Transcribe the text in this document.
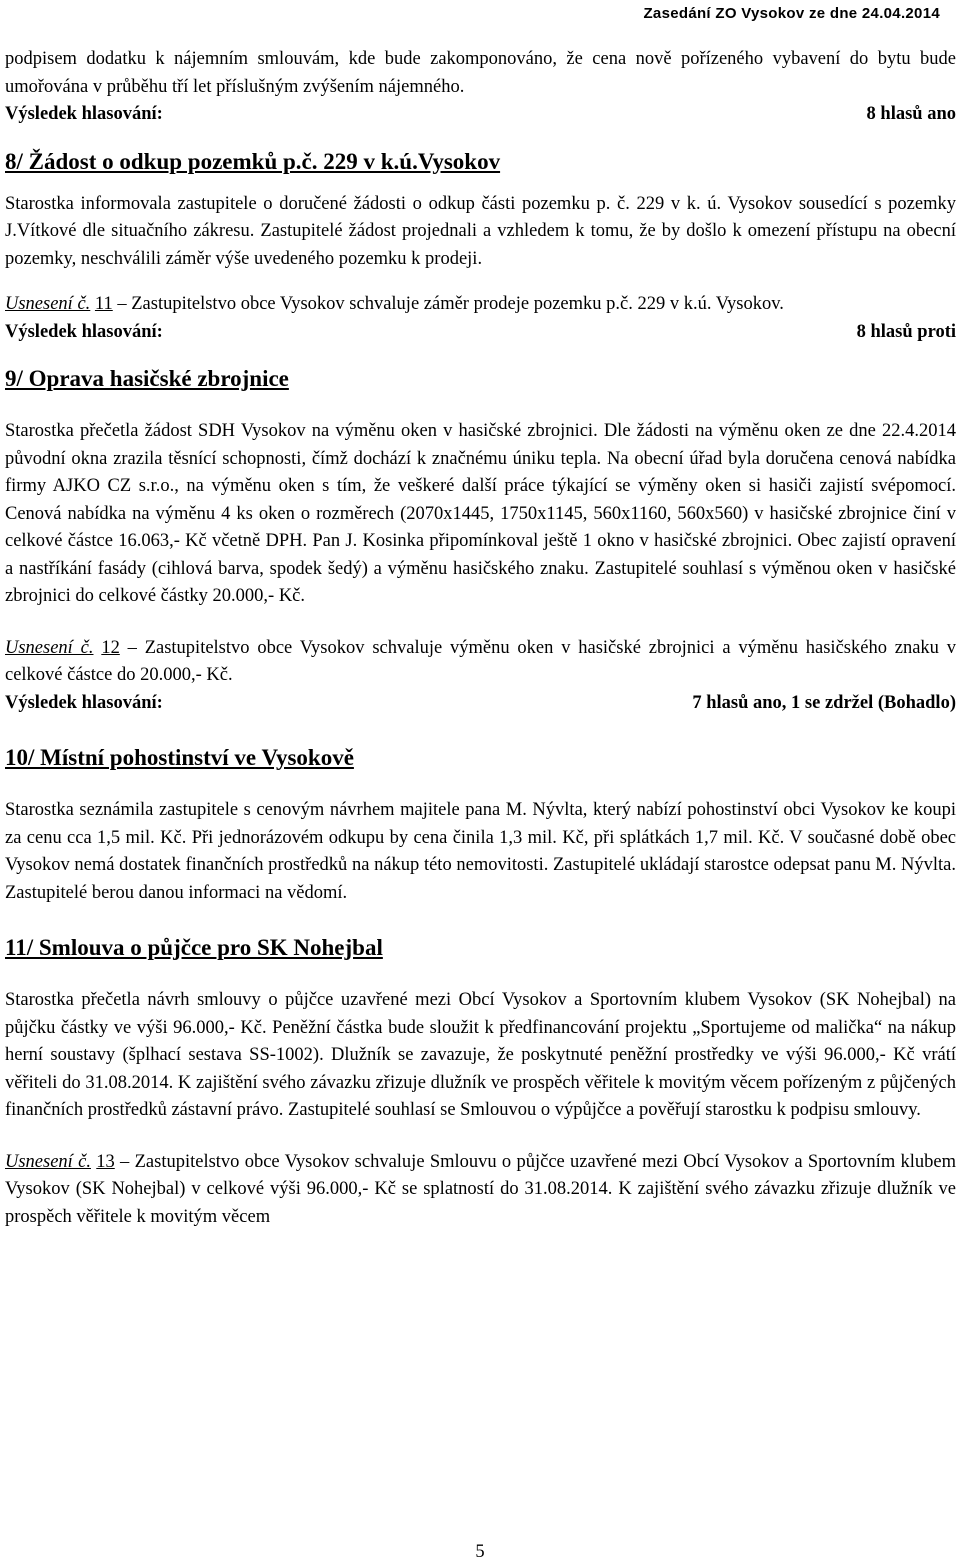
Zasedání ZO Vysokov ze dne 24.04.2014

podpisem dodatku k nájemním smlouvám, kde bude zakomponováno, že cena nově pořízeného vybavení do bytu bude umořována v průběhu tří let příslušným zvýšením nájemného.

Výsledek hlasování:	8 hlasů ano
8/ Žádost o odkup pozemků p.č. 229 v k.ú.Vysokov

Starostka informovala zastupitele o doručené žádosti o odkup části pozemku p. č. 229 v k. ú. Vysokov sousedící s pozemky J.Vítkové dle situačního zákresu. Zastupitelé žádost projednali a vzhledem k tomu, že by došlo k omezení přístupu na obecní pozemky, neschválili záměr výše uvedeného pozemku k prodeji.

Usnesení č. 11 – Zastupitelstvo obce Vysokov schvaluje záměr prodeje pozemku p.č. 229 v k.ú. Vysokov.

Výsledek hlasování:	8 hlasů proti
9/ Oprava hasičské zbrojnice

Starostka přečetla žádost SDH Vysokov na výměnu oken v hasičské zbrojnici. Dle žádosti na výměnu oken ze dne 22.4.2014 původní okna zrazila těsnící schopnosti, čímž dochází k značnému úniku tepla. Na obecní úřad byla doručena cenová nabídka firmy AJKO CZ s.r.o., na výměnu oken s tím, že veškeré další práce týkající se výměny oken si hasiči zajistí svépomocí. Cenová nabídka na výměnu 4 ks oken o rozměrech (2070x1445, 1750x1145, 560x1160, 560x560) v hasičské zbrojnice činí v celkové částce 16.063,- Kč včetně DPH. Pan J. Kosinka připomínkoval ještě 1 okno v hasičské zbrojnici. Obec zajistí opravení a nastříkání fasády (cihlová barva, spodek šedý) a výměnu hasičského znaku. Zastupitelé souhlasí s výměnou oken v hasičské zbrojnici do celkové částky 20.000,- Kč.

Usnesení č. 12 – Zastupitelstvo obce Vysokov schvaluje výměnu oken v hasičské zbrojnici a výměnu hasičského znaku v celkové částce do 20.000,- Kč.

Výsledek hlasování:	7 hlasů ano, 1 se zdržel (Bohadlo)
10/ Místní pohostinství ve Vysokově

Starostka seznámila zastupitele s cenovým návrhem majitele pana M. Nývlta, který nabízí pohostinství obci Vysokov ke koupi za cenu cca 1,5 mil. Kč. Při jednorázovém odkupu by cena činila 1,3 mil. Kč, při splátkách 1,7 mil. Kč. V současné době obec Vysokov nemá dostatek finančních prostředků na nákup této nemovitosti. Zastupitelé ukládají starostce odepsat panu M. Nývlta. Zastupitelé berou danou informaci na vědomí.

11/ Smlouva o půjčce pro SK Nohejbal

Starostka přečetla návrh smlouvy o půjčce uzavřené mezi Obcí Vysokov a Sportovním klubem Vysokov (SK Nohejbal) na půjčku částky ve výši 96.000,- Kč. Peněžní částka bude sloužit k předfinancování projektu „Sportujeme od malička“ na nákup herní soustavy (šplhací sestava SS-1002). Dlužník se zavazuje, že poskytnuté peněžní prostředky ve výši 96.000,- Kč vrátí věřiteli do 31.08.2014. K zajištění svého závazku zřizuje dlužník ve prospěch věřitele k movitým věcem pořízeným z půjčených finančních prostředků zástavní právo. Zastupitelé souhlasí se Smlouvou o výpůjčce a pověřují starostku k podpisu smlouvy.

Usnesení č. 13 – Zastupitelstvo obce Vysokov schvaluje Smlouvu o půjčce uzavřené mezi Obcí Vysokov a Sportovním klubem Vysokov (SK Nohejbal) v celkové výši 96.000,- Kč se splatností do 31.08.2014. K zajištění svého závazku zřizuje dlužník ve prospěch věřitele k movitým věcem

5
